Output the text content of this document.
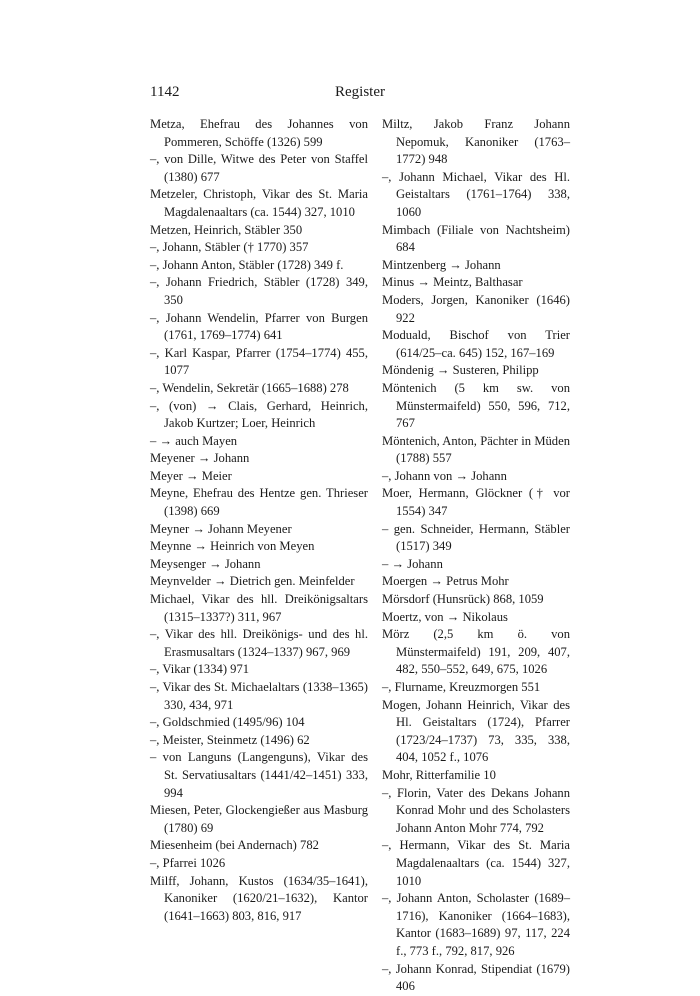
1142	Register

Metza, Ehefrau des Johannes von Pommeren, Schöffe (1326) 599

–, von Dille, Witwe des Peter von Staffel (1380) 677

Metzeler, Christoph, Vikar des St. Maria Magdalenaaltars (ca. 1544) 327, 1010

Metzen, Heinrich, Stäbler 350

–, Johann, Stäbler († 1770) 357

–, Johann Anton, Stäbler (1728) 349 f.

–, Johann Friedrich, Stäbler (1728) 349, 350

–, Johann Wendelin, Pfarrer von Burgen (1761, 1769–1774) 641

–, Karl Kaspar, Pfarrer (1754–1774) 455, 1077

–, Wendelin, Sekretär (1665–1688) 278

–, (von) → Clais, Gerhard, Heinrich, Jakob Kurtzer; Loer, Heinrich

– → auch Mayen

Meyener → Johann

Meyer → Meier

Meyne, Ehefrau des Hentze gen. Thrieser (1398) 669

Meyner → Johann Meyener

Meynne → Heinrich von Meyen

Meysenger → Johann

Meynvelder → Dietrich gen. Meinfelder

Michael, Vikar des hll. Dreikönigsaltars (1315–1337?) 311, 967

–, Vikar des hll. Dreikönigs- und des hl. Erasmusaltars (1324–1337) 967, 969

–, Vikar (1334) 971

–, Vikar des St. Michaelaltars (1338–1365) 330, 434, 971

–, Goldschmied (1495/96) 104

–, Meister, Steinmetz (1496) 62

– von Languns (Langenguns), Vikar des St. Servatiusaltars (1441/42–1451) 333, 994

Miesen, Peter, Glockengießer aus Masburg (1780) 69

Miesenheim (bei Andernach) 782

–, Pfarrei 1026

Milff, Johann, Kustos (1634/35–1641), Kanoniker (1620/21–1632), Kantor (1641–1663) 803, 816, 917

Miltz, Jakob Franz Johann Nepomuk, Kanoniker (1763–1772) 948

–, Johann Michael, Vikar des Hl. Geistaltars (1761–1764) 338, 1060

Mimbach (Filiale von Nachtsheim) 684

Mintzenberg → Johann

Minus → Meintz, Balthasar

Moders, Jorgen, Kanoniker (1646) 922

Moduald, Bischof von Trier (614/25–ca. 645) 152, 167–169

Möndenig → Susteren, Philipp

Möntenich (5 km sw. von Münstermaifeld) 550, 596, 712, 767

Möntenich, Anton, Pächter in Müden (1788) 557

–, Johann von → Johann

Moer, Hermann, Glöckner († vor 1554) 347

– gen. Schneider, Hermann, Stäbler (1517) 349

– → Johann

Moergen → Petrus Mohr

Mörsdorf (Hunsrück) 868, 1059

Moertz, von → Nikolaus

Mörz (2,5 km ö. von Münstermaifeld) 191, 209, 407, 482, 550–552, 649, 675, 1026

–, Flurname, Kreuzmorgen 551

Mogen, Johann Heinrich, Vikar des Hl. Geistaltars (1724), Pfarrer (1723/24–1737) 73, 335, 338, 404, 1052 f., 1076

Mohr, Ritterfamilie 10

–, Florin, Vater des Dekans Johann Konrad Mohr und des Scholasters Johann Anton Mohr 774, 792

–, Hermann, Vikar des St. Maria Magdalenaaltars (ca. 1544) 327, 1010

–, Johann Anton, Scholaster (1689–1716), Kanoniker (1664–1683), Kantor (1683–1689) 97, 117, 224 f., 773 f., 792, 817, 926

–, Johann Konrad, Stipendiat (1679) 406
